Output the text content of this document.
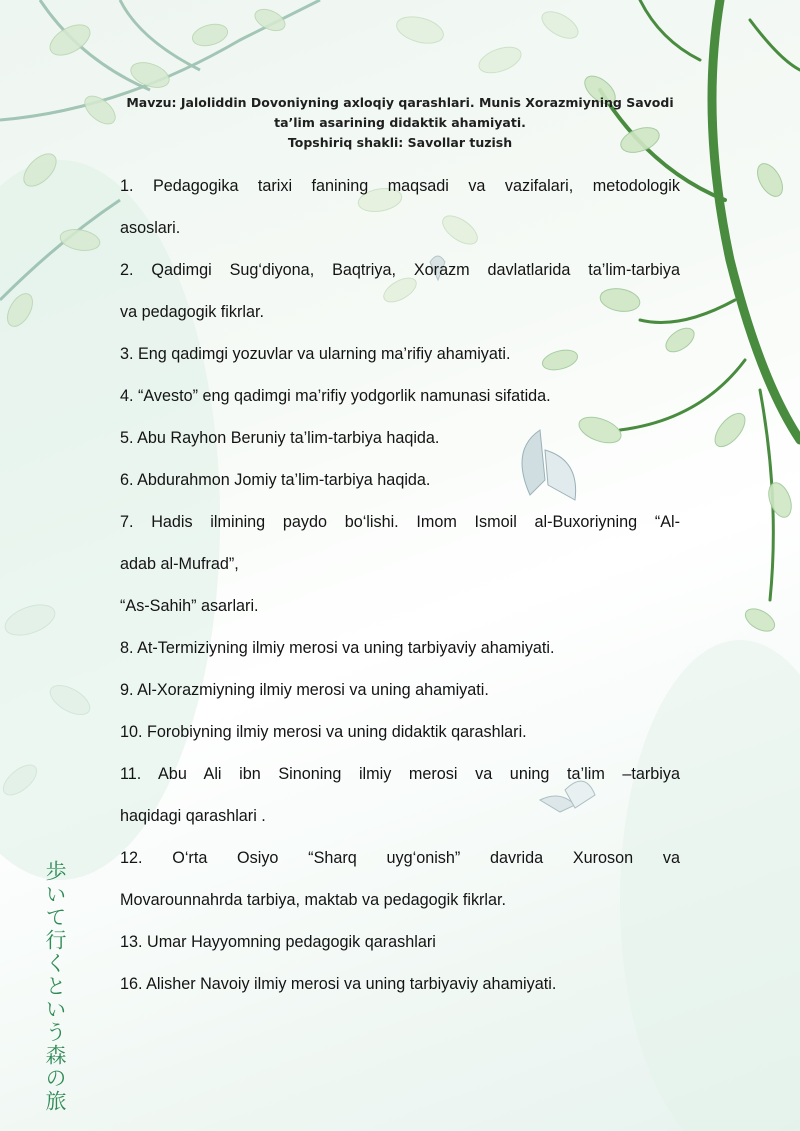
Mavzu: Jaloliddin Dovoniyning axloqiy qarashlari. Munis Xorazmiyning Savodi
ta’lim asarining didaktik ahamiyati.
Topshiriq shakli: Savollar tuzish

1. Pedagogika tarixi fanining maqsadi va vazifalari, metodologik

asoslari.

2. Qadimgi Sug‘diyona, Baqtriya, Xorazm davlatlarida ta’lim-tarbiya

va pedagogik fikrlar.

3. Eng qadimgi yozuvlar va ularning ma’rifiy ahamiyati.

4. “Avesto” eng qadimgi ma’rifiy yodgorlik namunasi sifatida.

5. Abu Rayhon Beruniy ta’lim-tarbiya haqida.

6. Abdurahmon Jomiy ta’lim-tarbiya haqida.

7. Hadis ilmining paydo bo‘lishi. Imom Ismoil al-Buxoriyning “Al-

adab al-Mufrad”,

“As-Sahih” asarlari.

8. At-Termiziyning ilmiy merosi va uning tarbiyaviy ahamiyati.

9. Al-Xorazmiyning ilmiy merosi va uning ahamiyati.

10. Forobiyning ilmiy merosi va uning didaktik qarashlari.

11. Abu Ali ibn Sinoning ilmiy merosi va uning ta’lim –tarbiya

haqidagi qarashlari .

12. O‘rta Osiyo “Sharq uyg‘onish” davrida Xuroson va

Movarounnahrda tarbiya, maktab va pedagogik fikrlar.

13. Umar Hayyomning pedagogik qarashlari

16. Alisher Navoiy ilmiy merosi va uning tarbiyaviy ahamiyati.

歩いて行くという森の旅
